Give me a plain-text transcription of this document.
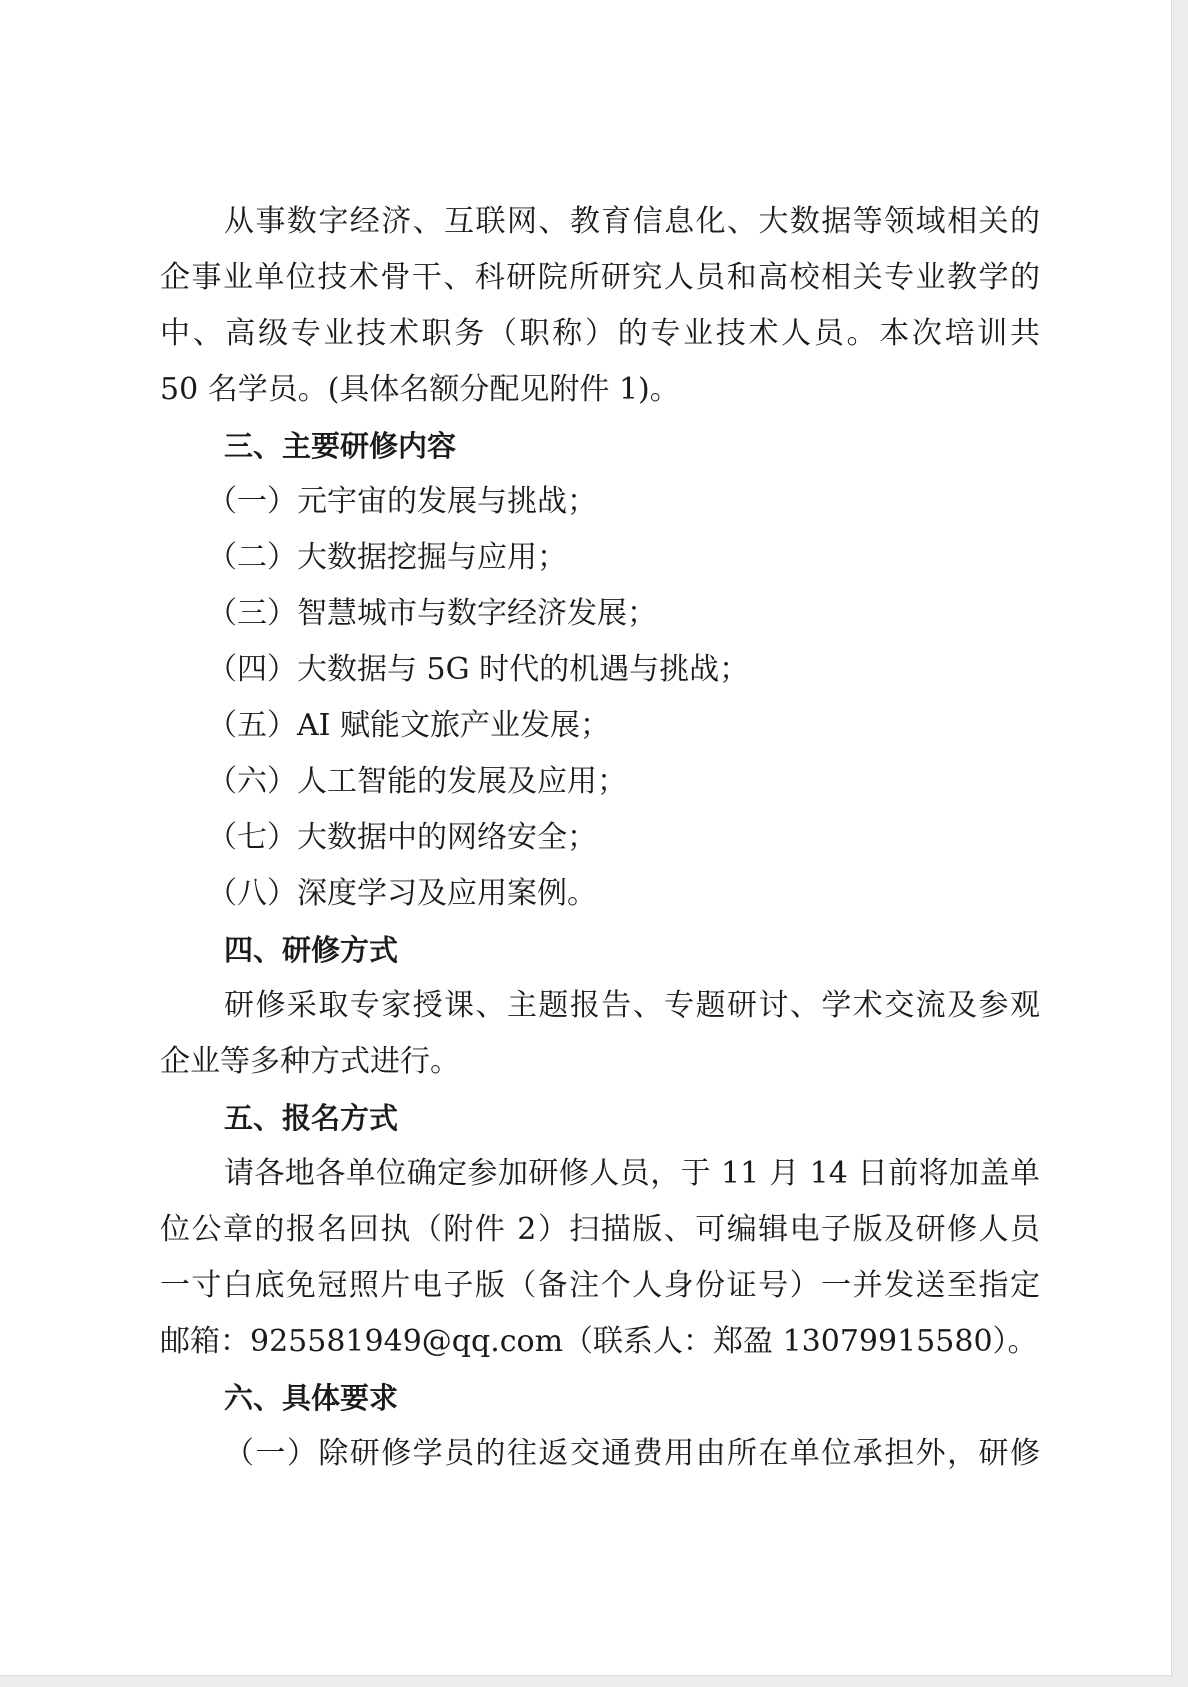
从事数字经济、互联网、教育信息化、大数据等领域相关的
企事业单位技术骨干、科研院所研究人员和高校相关专业教学的
中、高级专业技术职务（职称）的专业技术人员。本次培训共
50 名学员。(具体名额分配见附件 1)。
三、主要研修内容
（一）元宇宙的发展与挑战；
（二）大数据挖掘与应用；
（三）智慧城市与数字经济发展；
（四）大数据与 5G 时代的机遇与挑战；
（五）AI 赋能文旅产业发展；
（六）人工智能的发展及应用；
（七）大数据中的网络安全；
（八）深度学习及应用案例。
四、研修方式
研修采取专家授课、主题报告、专题研讨、学术交流及参观
企业等多种方式进行。
五、报名方式
请各地各单位确定参加研修人员，于 11 月 14 日前将加盖单
位公章的报名回执（附件 2）扫描版、可编辑电子版及研修人员
一寸白底免冠照片电子版（备注个人身份证号）一并发送至指定
邮箱：925581949@qq.com（联系人：郑盈 13079915580）。
六、具体要求
（一）除研修学员的往返交通费用由所在单位承担外，研修
